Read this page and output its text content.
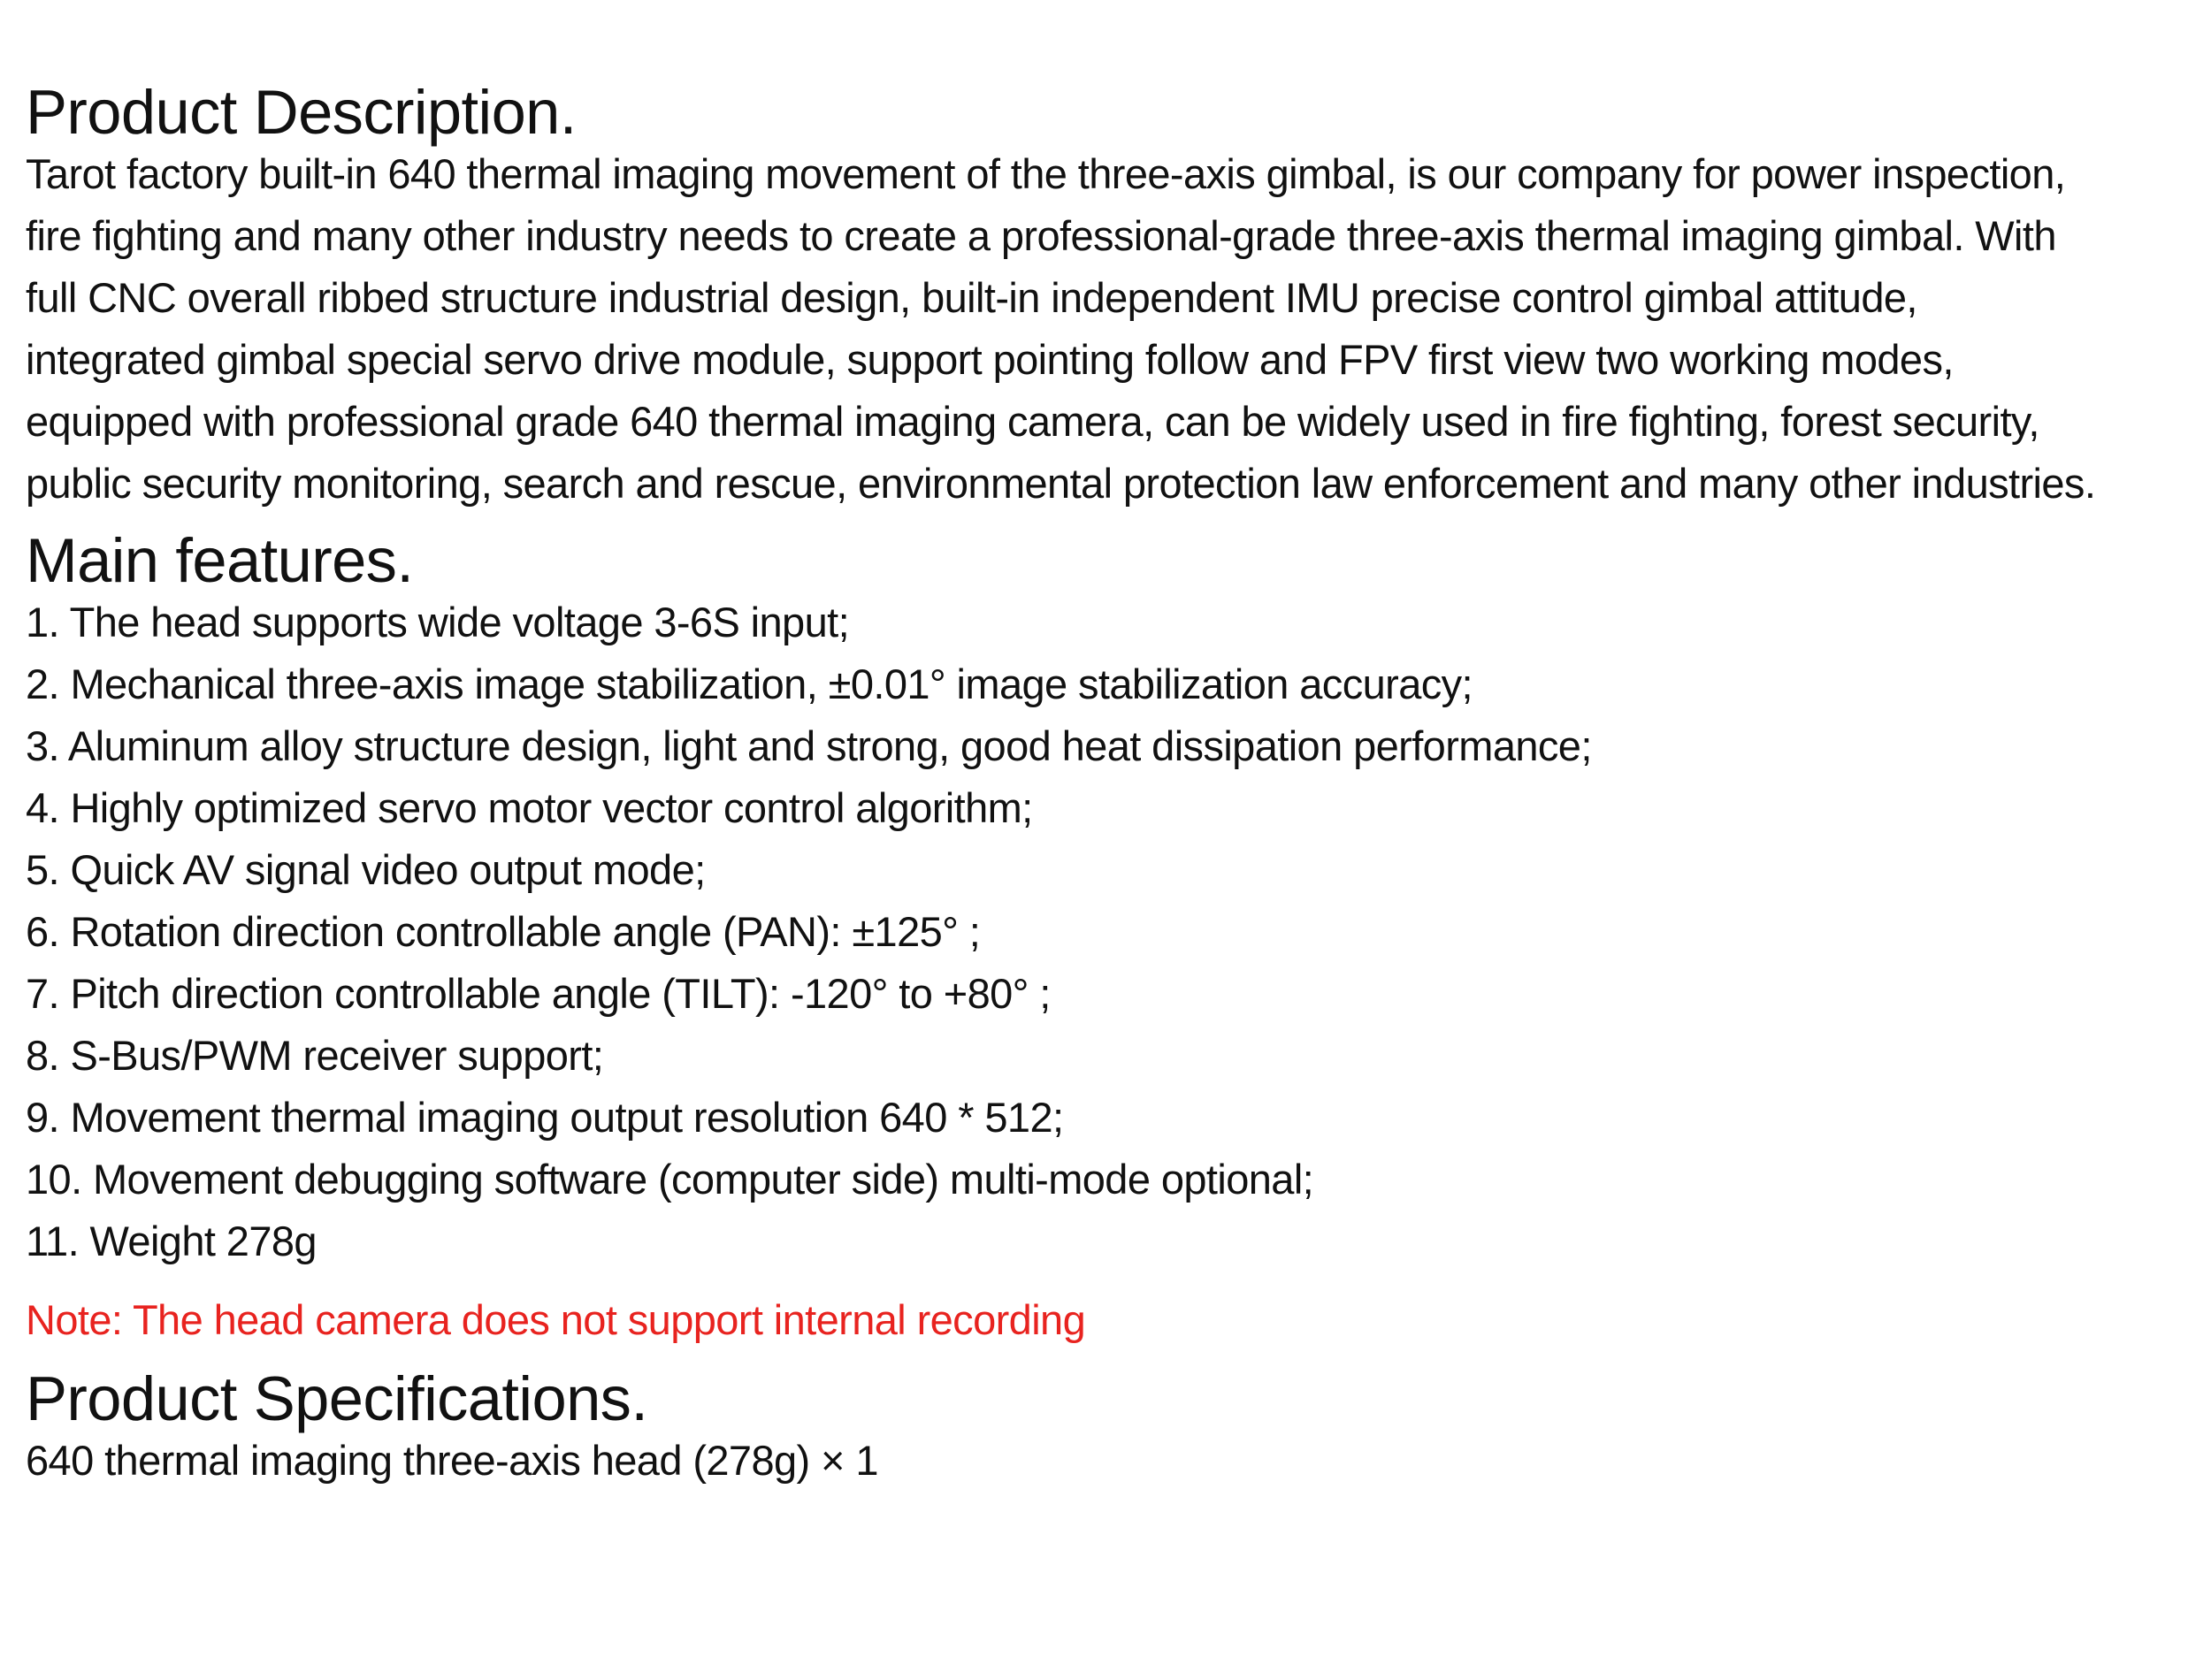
Product Description.

Tarot factory built-in 640 thermal imaging movement of the three-axis gimbal, is our company for power inspection,

fire fighting and many other industry needs to create a professional-grade three-axis thermal imaging gimbal. With

full CNC overall ribbed structure industrial design, built-in independent IMU precise control gimbal attitude,

integrated gimbal special servo drive module, support pointing follow and FPV first view two working modes,

equipped with professional grade 640 thermal imaging camera, can be widely used in fire fighting, forest security,

public security monitoring, search and rescue, environmental protection law enforcement and many other industries.

Main features.
1. The head supports wide voltage 3-6S input;
2. Mechanical three-axis image stabilization, ±0.01° image stabilization accuracy;
3. Aluminum alloy structure design, light and strong, good heat dissipation performance;
4. Highly optimized servo motor vector control algorithm;
5. Quick AV signal video output mode;
6. Rotation direction controllable angle (PAN): ±125° ;
7. Pitch direction controllable angle (TILT): -120° to +80° ;
8. S-Bus/PWM receiver support;
9. Movement thermal imaging output resolution 640 * 512;
10. Movement debugging software (computer side) multi-mode optional;
11. Weight 278g

Note: The head camera does not support internal recording

Product Specifications.

640 thermal imaging three-axis head (278g) × 1
